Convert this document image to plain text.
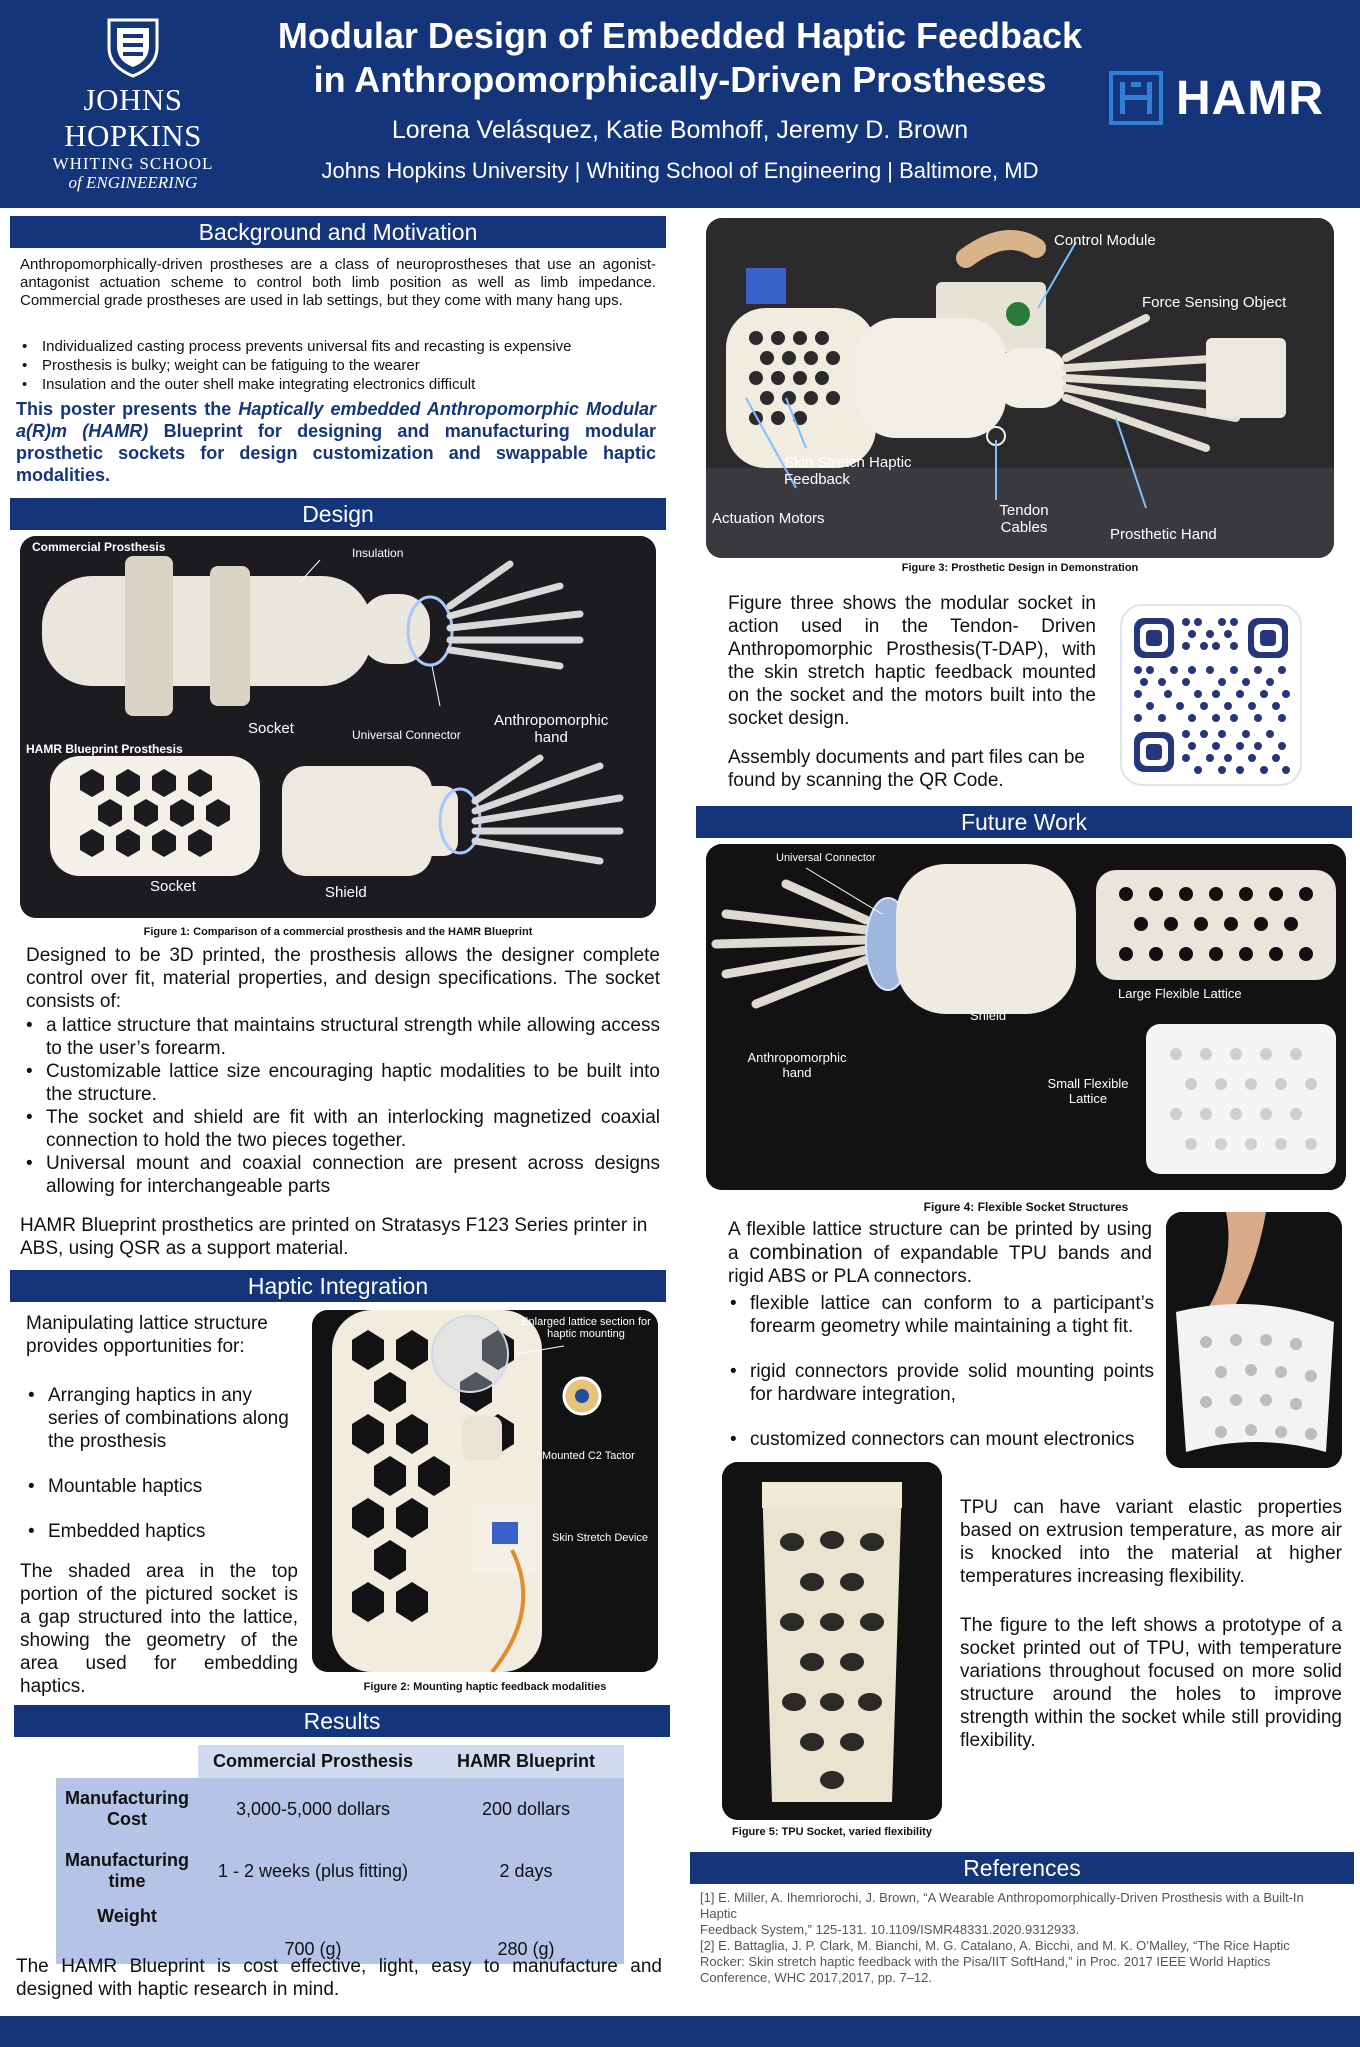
JOHNS HOPKINS
WHITING SCHOOL
of ENGINEERING
Modular Design of Embedded Haptic Feedback
in Anthropomorphically-Driven Prostheses
Lorena Velásquez, Katie Bomhoff, Jeremy D. Brown
Johns Hopkins University | Whiting School of Engineering | Baltimore, MD
HAMR
Background and Motivation
Anthropomorphically-driven prostheses are a class of neuroprostheses that use an agonist-antagonist actuation scheme to control both limb position as well as limb impedance. Commercial grade prostheses are used in lab settings, but they come with many hang ups.
• Individualized casting process prevents universal fits and recasting is expensive
• Prosthesis is bulky; weight can be fatiguing to the wearer
• Insulation and the outer shell make integrating electronics difficult
This poster presents the Haptically embedded Anthropomorphic Modular a(R)m (HAMR) Blueprint for designing and manufacturing modular prosthetic sockets for design customization and swappable haptic modalities.
Design
Commercial Prosthesis	Insulation
Socket	Universal Connector
Anthropomorphic
hand
HAMR Blueprint Prosthesis
Socket	Shield
Figure 1: Comparison of a commercial prosthesis and the HAMR Blueprint
Designed to be 3D printed, the prosthesis allows the designer complete control over fit, material properties, and design specifications. The socket consists of:
• a lattice structure that maintains structural strength while allowing access to the user’s forearm.
• Customizable lattice size encouraging haptic modalities to be built into the structure.
• The socket and shield are fit with an interlocking magnetized coaxial connection to hold the two pieces together.
• Universal mount and coaxial connection are present across designs allowing for interchangeable parts
HAMR Blueprint prosthetics are printed on Stratasys F123 Series printer in ABS, using QSR as a support material.
Haptic Integration
Manipulating lattice structure provides opportunities for:
• Arranging haptics in any series of combinations along the prosthesis
• Mountable haptics
• Embedded haptics
The shaded area in the top portion of the pictured socket is a gap structured into the lattice, showing the geometry of the area used for embedding haptics.
Enlarged lattice section for haptic mounting
Mounted C2 Tactor
Skin Stretch Device
Figure 2: Mounting haptic feedback modalities
Results
	Commercial Prosthesis	HAMR Blueprint
Manufacturing Cost	3,000-5,000 dollars	200 dollars
Manufacturing time	1 - 2 weeks (plus fitting)	2 days
Weight	700 (g)	280 (g)
The HAMR Blueprint is cost effective, light, easy to manufacture and designed with haptic research in mind.
Control Module
Force Sensing Object
Skin Stretch Haptic Feedback
Actuation Motors	Tendon Cables	Prosthetic Hand
Figure 3: Prosthetic Design in Demonstration
Figure three shows the modular socket in action used in the Tendon- Driven Anthropomorphic Prosthesis(T-DAP), with the skin stretch haptic feedback mounted on the socket and the motors built into the socket design.
Assembly documents and part files can be found by scanning the QR Code.
Future Work
Universal Connector
Shield
Large Flexible Lattice
Anthropomorphic hand
Small Flexible Lattice
Figure 4: Flexible Socket Structures
A flexible lattice structure can be printed by using a combination of expandable TPU bands and rigid ABS or PLA connectors.
• flexible lattice can conform to a participant’s forearm geometry while maintaining a tight fit.
• rigid connectors provide solid mounting points for hardware integration,
• customized connectors can mount electronics
Figure 5: TPU Socket, varied flexibility
TPU can have variant elastic properties based on extrusion temperature, as more air is knocked into the material at higher temperatures increasing flexibility.
The figure to the left shows a prototype of a socket printed out of TPU, with temperature variations throughout focused on more solid structure around the holes to improve strength within the socket while still providing flexibility.
References
[1] E. Miller, A. Ihemriorochi, J. Brown, “A Wearable Anthropomorphically-Driven Prosthesis with a Built-In Haptic
Feedback System,” 125-131. 10.1109/ISMR48331.2020.9312933.
[2] E. Battaglia, J. P. Clark, M. Bianchi, M. G. Catalano, A. Bicchi, and M. K. O’Malley, “The Rice Haptic Rocker: Skin stretch haptic feedback with the Pisa/IIT SoftHand,” in Proc. 2017 IEEE World Haptics Conference, WHC 2017,2017, pp. 7–12.
